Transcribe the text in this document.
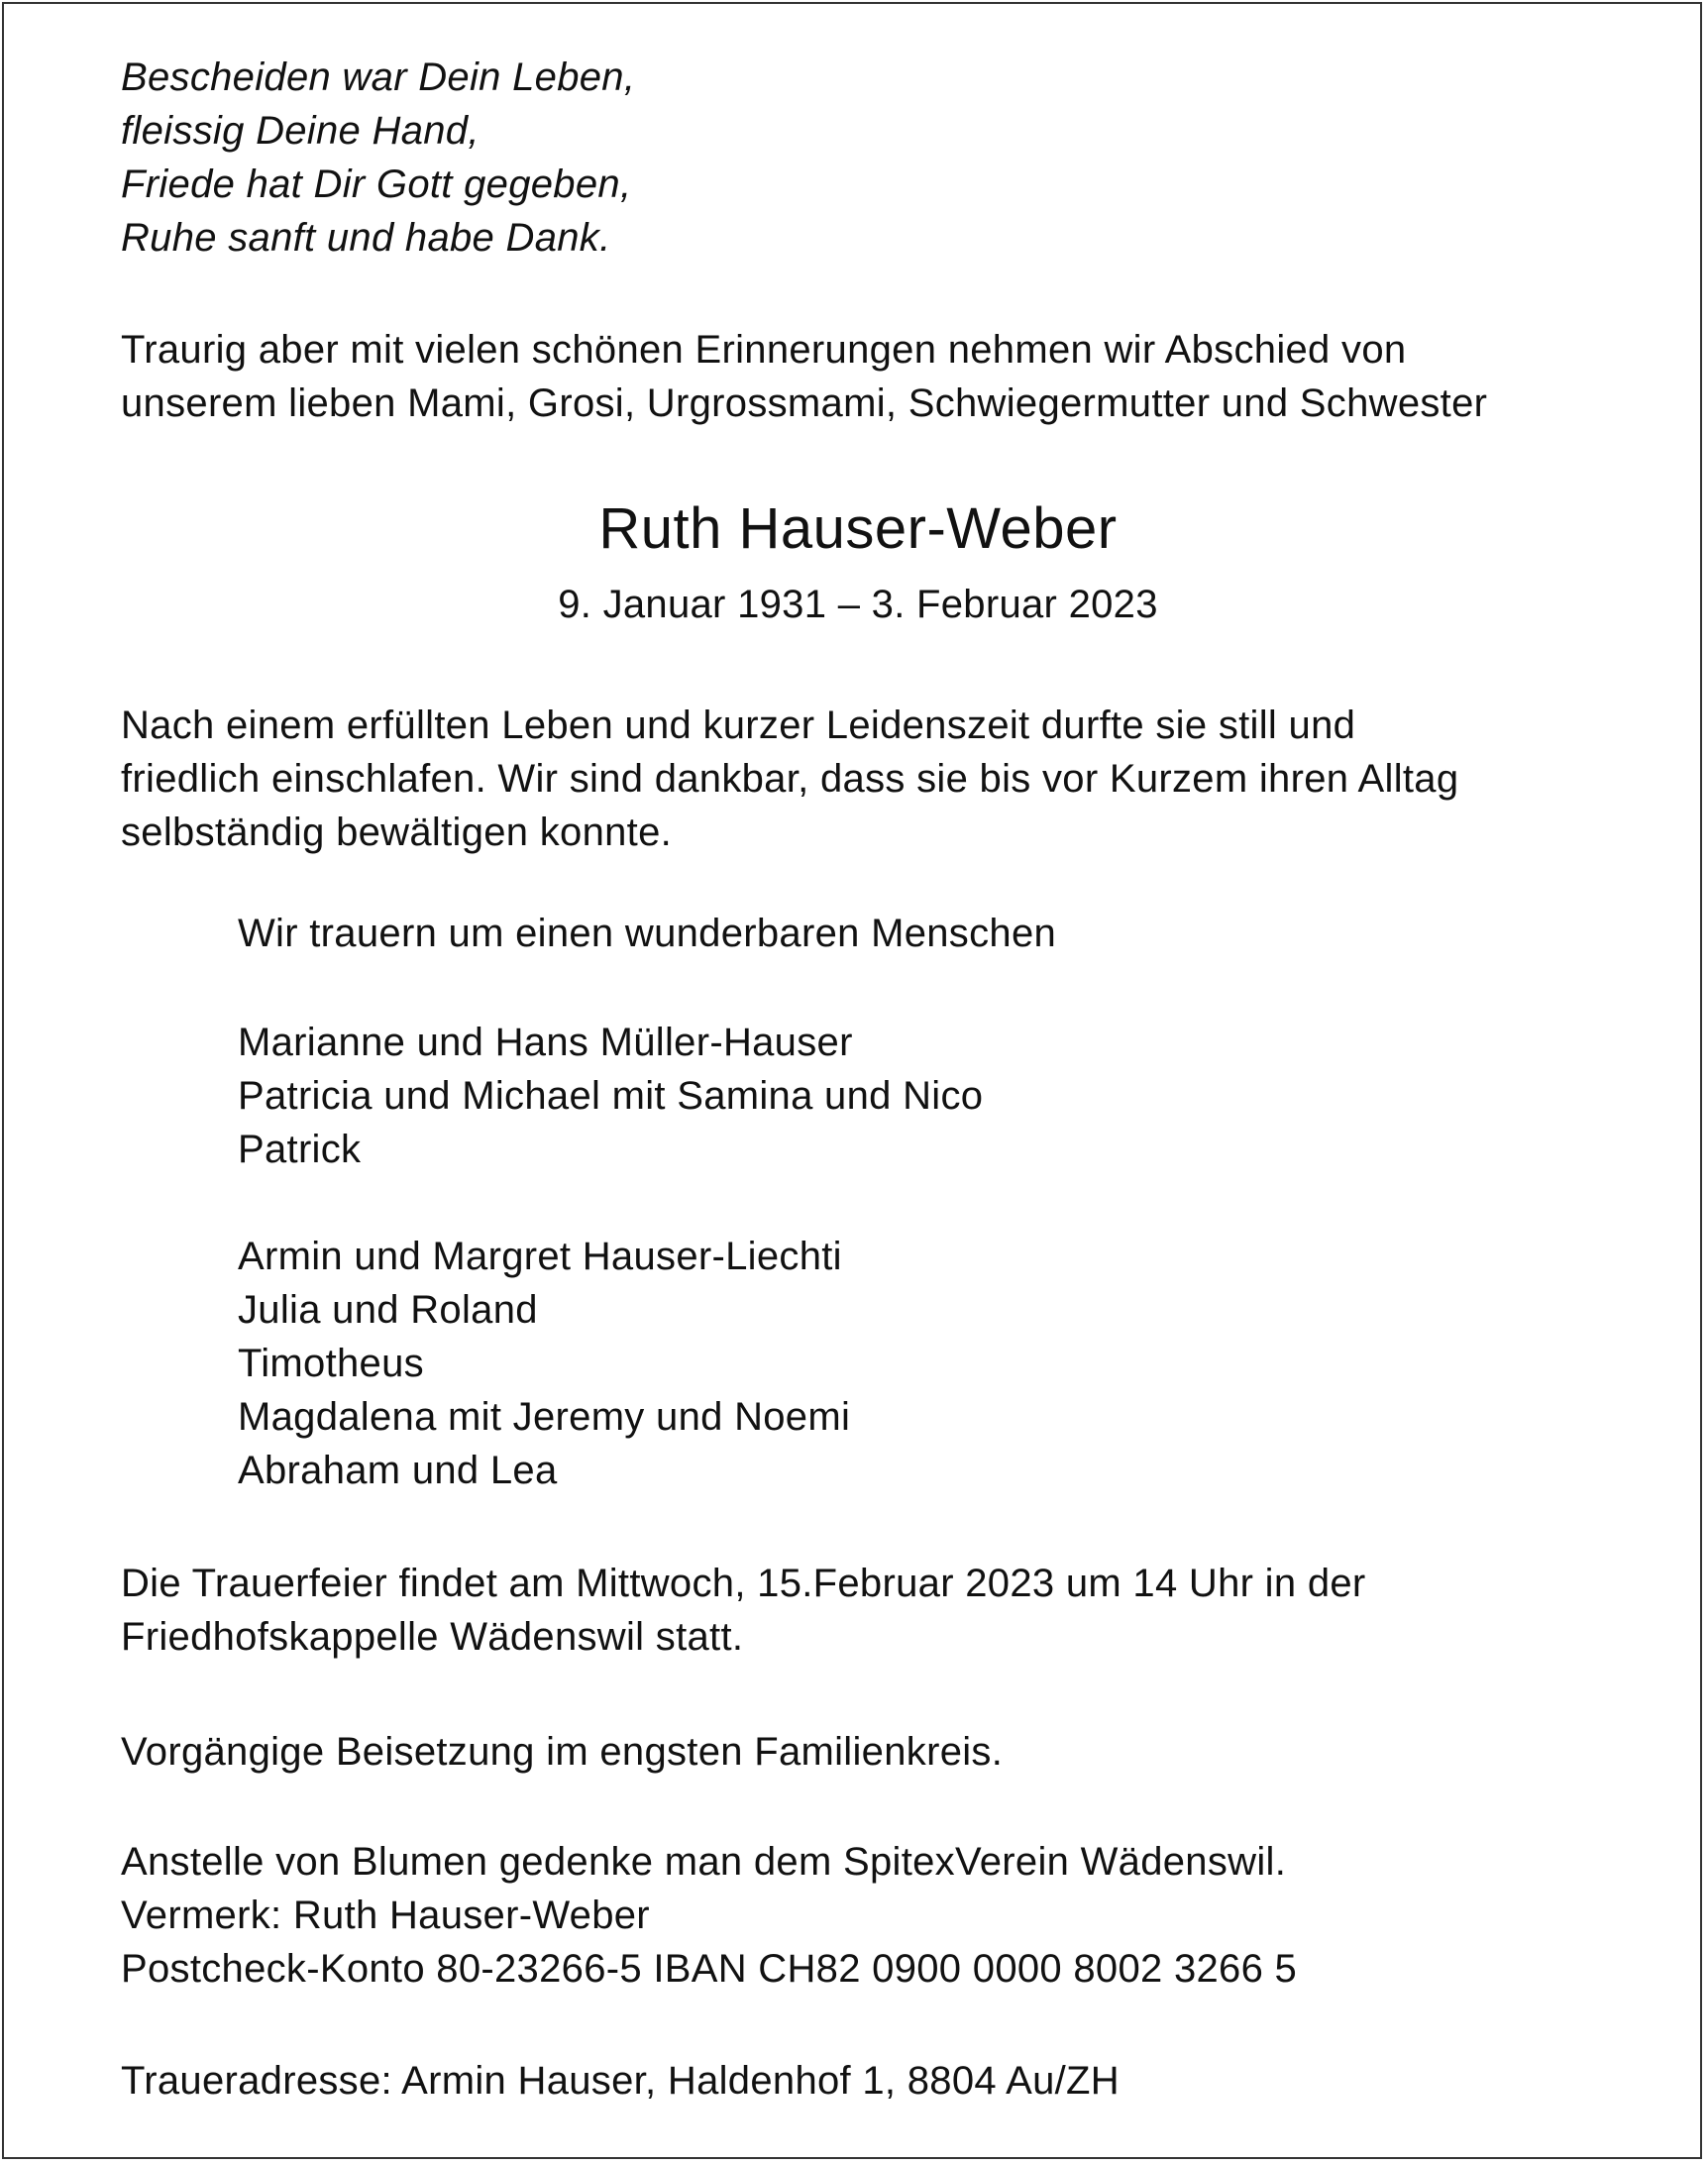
Bescheiden war Dein Leben,
fleissig Deine Hand,
Friede hat Dir Gott gegeben,
Ruhe sanft und habe Dank.
Traurig aber mit vielen schönen Erinnerungen nehmen wir Abschied von
unserem lieben Mami, Grosi, Urgrossmami, Schwiegermutter und Schwester
Ruth Hauser-Weber
9. Januar 1931 – 3. Februar 2023
Nach einem erfüllten Leben und kurzer Leidenszeit durfte sie still und
friedlich einschlafen. Wir sind dankbar, dass sie bis vor Kurzem ihren Alltag
selbständig bewältigen konnte.
Wir trauern um einen wunderbaren Menschen
Marianne und Hans Müller-Hauser
Patricia und Michael mit Samina und Nico
Patrick
Armin und Margret Hauser-Liechti
Julia und Roland
Timotheus
Magdalena mit Jeremy und Noemi
Abraham und Lea
Die Trauerfeier findet am Mittwoch, 15.Februar 2023 um 14 Uhr in der
Friedhofskappelle Wädenswil statt.
Vorgängige Beisetzung im engsten Familienkreis.
Anstelle von Blumen gedenke man dem SpitexVerein Wädenswil.
Vermerk: Ruth Hauser-Weber
Postcheck-Konto 80-23266-5 IBAN CH82 0900 0000 8002 3266 5
Traueradresse: Armin Hauser, Haldenhof 1, 8804 Au/ZH
